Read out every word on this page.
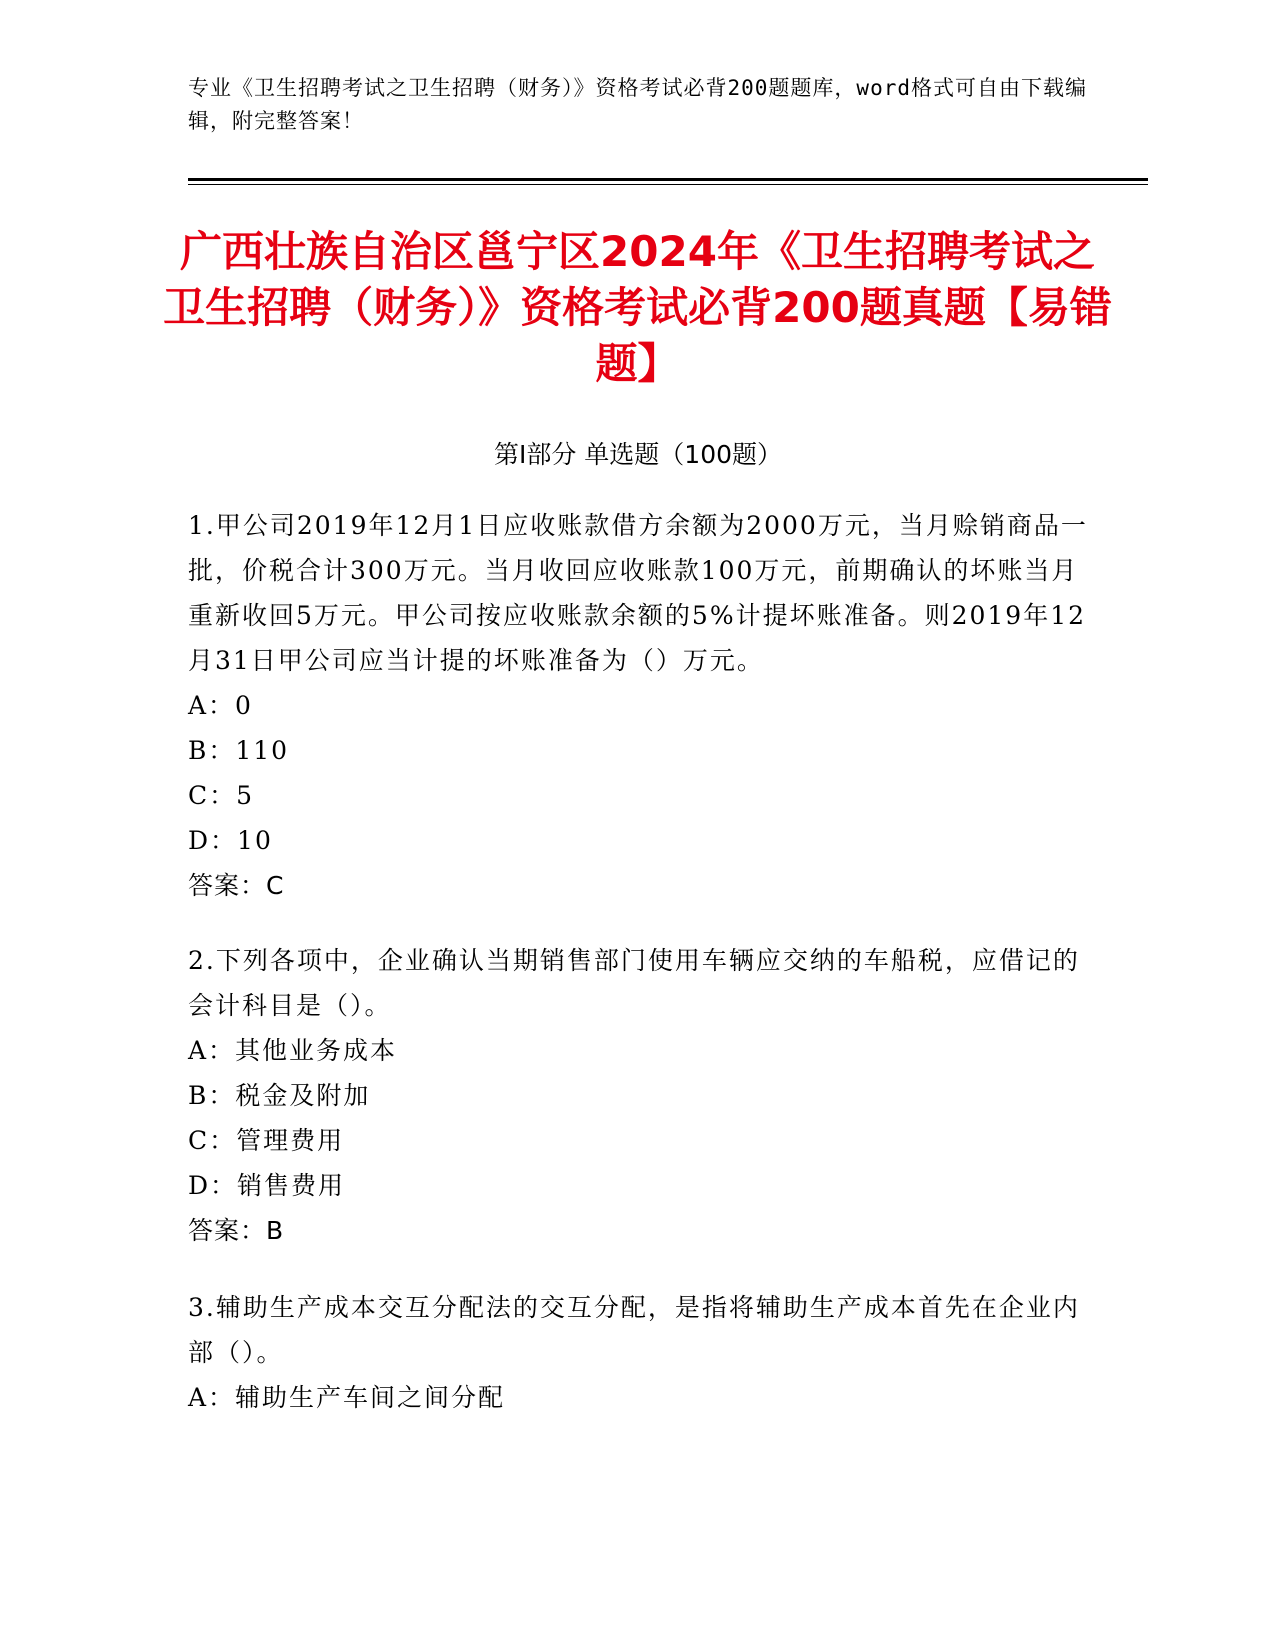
专业《卫生招聘考试之卫生招聘（财务）》资格考试必背200题题库，word格式可自由下载编辑，附完整答案！
广西壮族自治区邕宁区2024年《卫生招聘考试之卫生招聘（财务）》资格考试必背200题真题【易错题】
第I部分 单选题（100题）
1.甲公司2019年12月1日应收账款借方余额为2000万元，当月赊销商品一批，价税合计300万元。当月收回应收账款100万元，前期确认的坏账当月重新收回5万元。甲公司按应收账款余额的5%计提坏账准备。则2019年12月31日甲公司应当计提的坏账准备为（）万元。
A：0
B：110
C：5
D：10
答案：C
2.下列各项中，企业确认当期销售部门使用车辆应交纳的车船税，应借记的会计科目是（）。
A：其他业务成本
B：税金及附加
C：管理费用
D：销售费用
答案：B
3.辅助生产成本交互分配法的交互分配，是指将辅助生产成本首先在企业内部（）。
A：辅助生产车间之间分配
